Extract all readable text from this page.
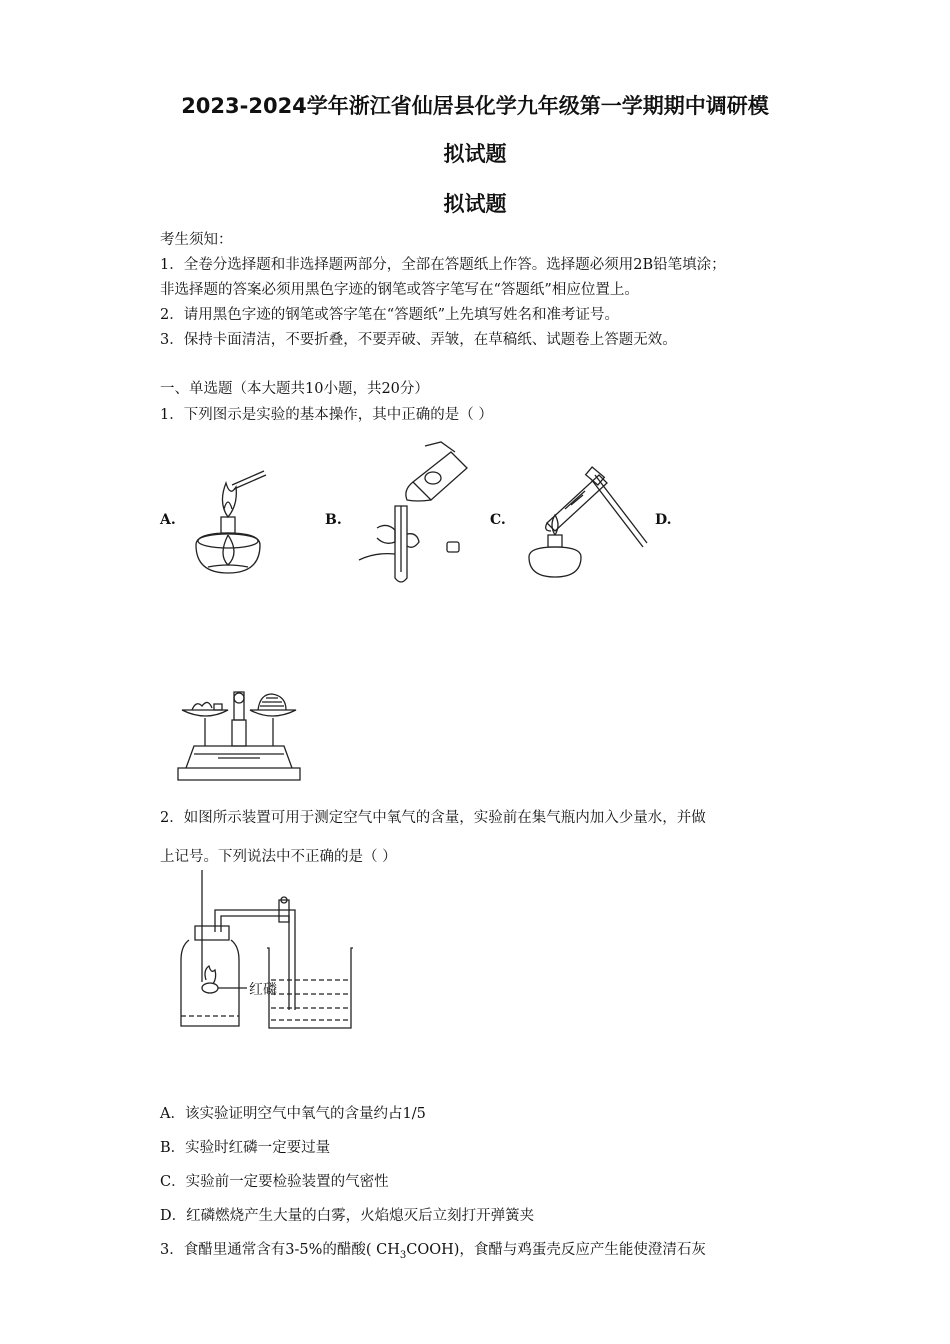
2023-2024学年浙江省仙居县化学九年级第一学期期中调研模
拟试题
拟试题
考生须知：
1．全卷分选择题和非选择题两部分，全部在答题纸上作答。选择题必须用2B铅笔填涂；
非选择题的答案必须用黑色字迹的钢笔或答字笔写在“答题纸”相应位置上。
2．请用黑色字迹的钢笔或答字笔在“答题纸”上先填写姓名和准考证号。
3．保持卡面清洁，不要折叠，不要弄破、弄皱，在草稿纸、试题卷上答题无效。
一、单选题（本大题共10小题，共20分）
1．下列图示是实验的基本操作，其中正确的是（ ）
A.	B.	C.	D.
2．如图所示装置可用于测定空气中氧气的含量，实验前在集气瓶内加入少量水，并做
上记号。下列说法中不正确的是（ ）
红磷
A．该实验证明空气中氧气的含量约占1/5
B．实验时红磷一定要过量
C．实验前一定要检验装置的气密性
D．红磷燃烧产生大量的白雾，火焰熄灭后立刻打开弹簧夹
3．食醋里通常含有3-5%的醋酸( $CH_3COOH$)，食醋与鸡蛋壳反应产生能使澄清石灰
